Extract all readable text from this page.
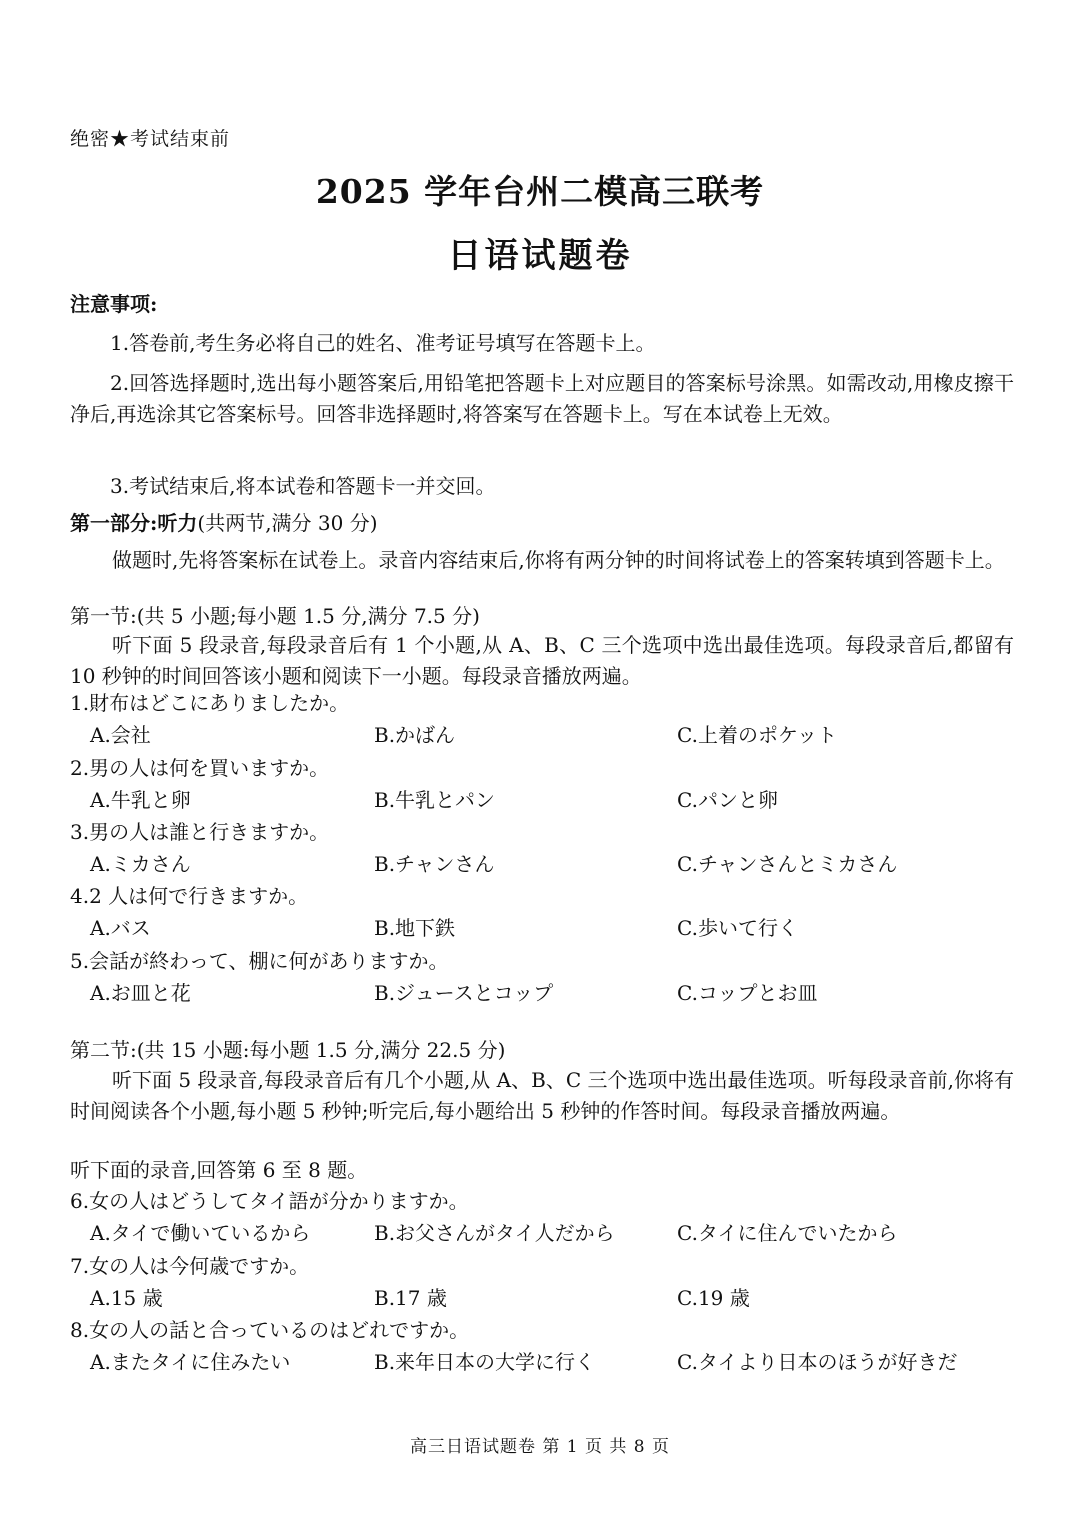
绝密★考试结束前
2025 学年台州二模高三联考
日语试题卷
注意事项:
1.答卷前,考生务必将自己的姓名、准考证号填写在答题卡上。
2.回答选择题时,选出每小题答案后,用铅笔把答题卡上对应题目的答案标号涂黑。如需改动,用橡皮擦干净后,再选涂其它答案标号。回答非选择题时,将答案写在答题卡上。写在本试卷上无效。
3.考试结束后,将本试卷和答题卡一并交回。
第一部分:听力(共两节,满分 30 分)
做题时,先将答案标在试卷上。录音内容结束后,你将有两分钟的时间将试卷上的答案转填到答题卡上。
第一节:(共 5 小题;每小题 1.5 分,满分 7.5 分)
听下面 5 段录音,每段录音后有 1 个小题,从 A、B、C 三个选项中选出最佳选项。每段录音后,都留有 10 秒钟的时间回答该小题和阅读下一小题。每段录音播放两遍。
1.財布はどこにありましたか。
A.会社	B.かばん	C.上着のポケット
2.男の人は何を買いますか。
A.牛乳と卵	B.牛乳とパン	C.パンと卵
3.男の人は誰と行きますか。
A.ミカさん	B.チャンさん	C.チャンさんとミカさん
4.2 人は何で行きますか。
A.バス	B.地下鉄	C.歩いて行く
5.会話が終わって、棚に何がありますか。
A.お皿と花	B.ジュースとコップ	C.コップとお皿
第二节:(共 15 小题:每小题 1.5 分,满分 22.5 分)
听下面 5 段录音,每段录音后有几个小题,从 A、B、C 三个选项中选出最佳选项。听每段录音前,你将有时间阅读各个小题,每小题 5 秒钟;听完后,每小题给出 5 秒钟的作答时间。每段录音播放两遍。
听下面的录音,回答第 6 至 8 题。
6.女の人はどうしてタイ語が分かりますか。
A.タイで働いているから	B.お父さんがタイ人だから	C.タイに住んでいたから
7.女の人は今何歳ですか。
A.15 歳	B.17 歳	C.19 歳
8.女の人の話と合っているのはどれですか。
A.またタイに住みたい	B.来年日本の大学に行く	C.タイより日本のほうが好きだ
高三日语试题卷 第 1 页 共 8 页
